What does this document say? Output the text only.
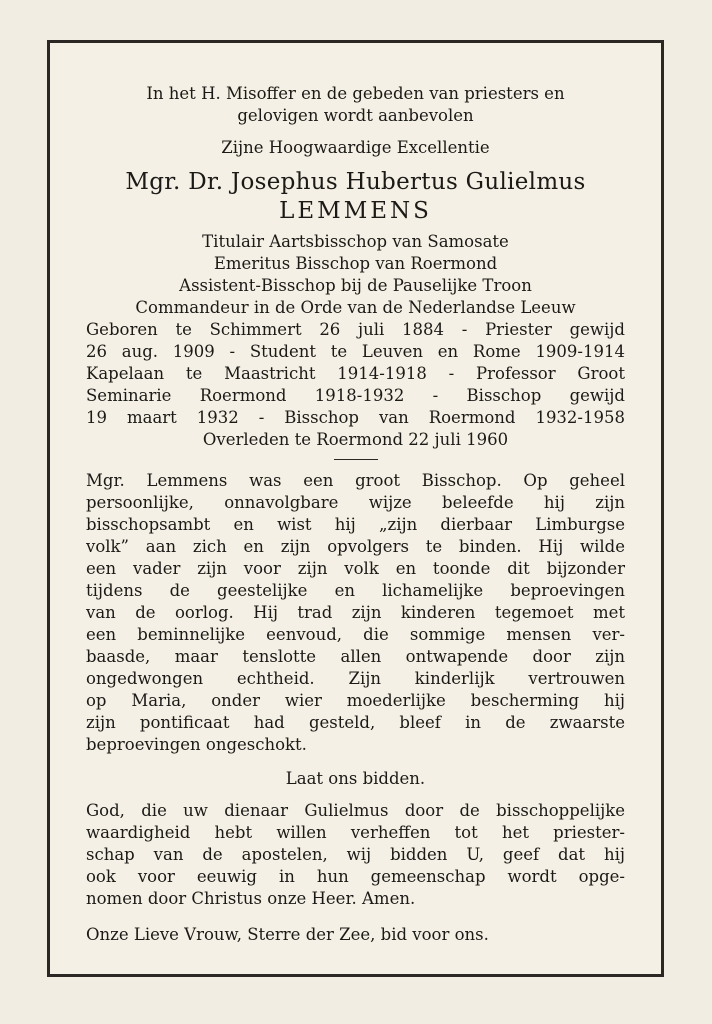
In het H. Misoffer en de gebeden van priesters en
gelovigen wordt aanbevolen
Zijne Hoogwaardige Excellentie
Mgr. Dr. Josephus Hubertus Gulielmus
LEMMENS
Titulair Aartsbisschop van Samosate
Emeritus Bisschop van Roermond
Assistent-Bisschop bij de Pauselijke Troon
Commandeur in de Orde van de Nederlandse Leeuw
Geboren te Schimmert 26 juli 1884 - Priester gewijd
26 aug. 1909 - Student te Leuven en Rome 1909-1914
Kapelaan te Maastricht 1914-1918 - Professor Groot
Seminarie Roermond 1918-1932 - Bisschop gewijd
19 maart 1932 - Bisschop van Roermond 1932-1958
Overleden te Roermond 22 juli 1960
Mgr. Lemmens was een groot Bisschop. Op geheel
persoonlijke, onnavolgbare wijze beleefde hij zijn
bisschopsambt en wist hij „zijn dierbaar Limburgse
volk” aan zich en zijn opvolgers te binden. Hij wilde
een vader zijn voor zijn volk en toonde dit bijzonder
tijdens de geestelijke en lichamelijke beproevingen
van de oorlog. Hij trad zijn kinderen tegemoet met
een beminnelijke eenvoud, die sommige mensen ver-
baasde, maar tenslotte allen ontwapende door zijn
ongedwongen echtheid. Zijn kinderlijk vertrouwen
op Maria, onder wier moederlijke bescherming hij
zijn pontificaat had gesteld, bleef in de zwaarste
beproevingen ongeschokt.
Laat ons bidden.
God, die uw dienaar Gulielmus door de bisschoppelijke
waardigheid hebt willen verheffen tot het priester-
schap van de apostelen, wij bidden U, geef dat hij
ook voor eeuwig in hun gemeenschap wordt opge-
nomen door Christus onze Heer. Amen.
Onze Lieve Vrouw, Sterre der Zee, bid voor ons.
